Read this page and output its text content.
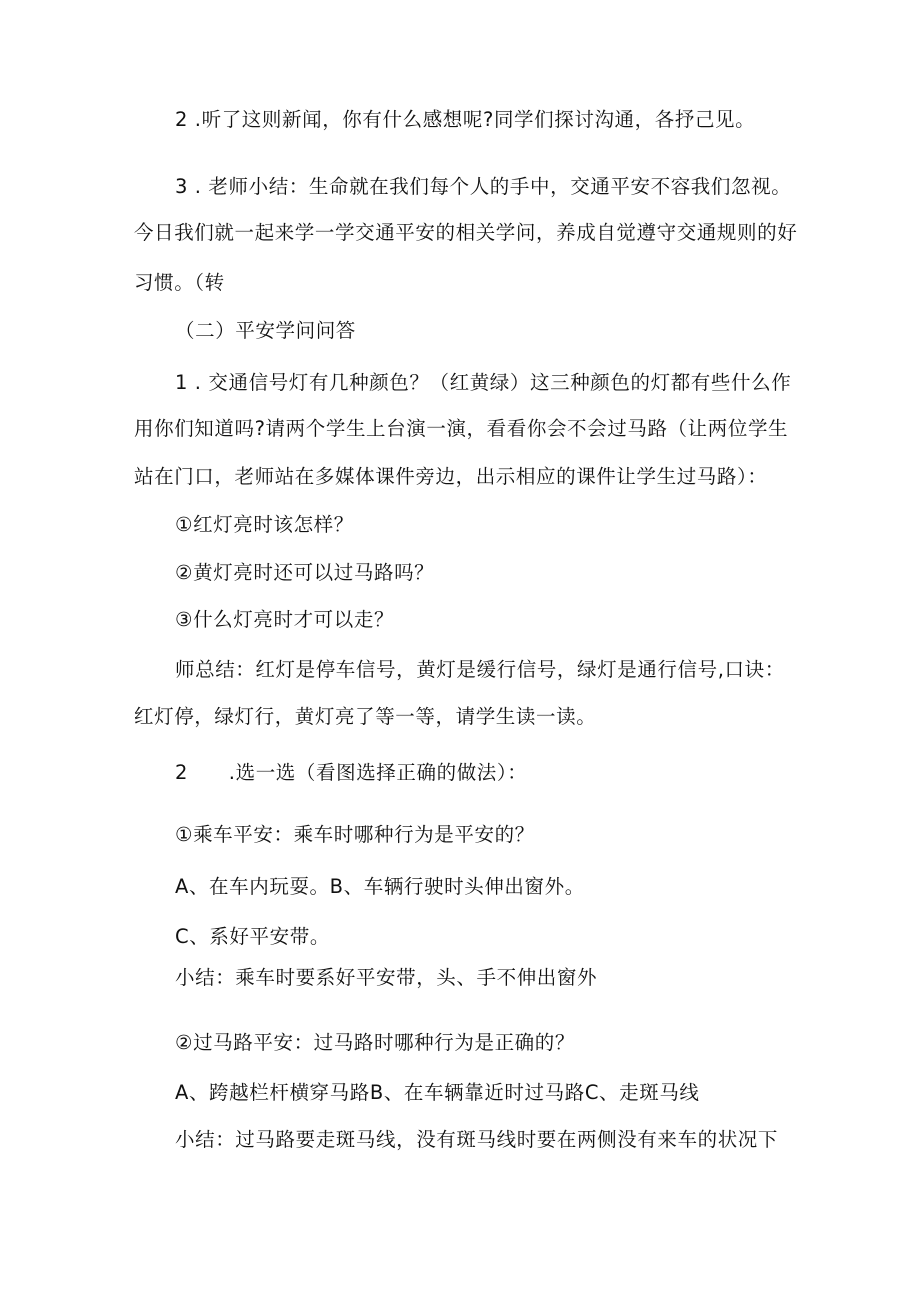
2 .听了这则新闻，你有什么感想呢?同学们探讨沟通，各抒己见。
3 . 老师小结：生命就在我们每个人的手中，交通平安不容我们忽视。
今日我们就一起来学一学交通平安的相关学问，养成自觉遵守交通规则的好
习惯。（转
（二）平安学问问答
1 . 交通信号灯有几种颜色？（红黄绿）这三种颜色的灯都有些什么作
用你们知道吗?请两个学生上台演一演，看看你会不会过马路（让两位学生
站在门口，老师站在多媒体课件旁边，出示相应的课件让学生过马路）：
①红灯亮时该怎样？
②黄灯亮时还可以过马路吗？
③什么灯亮时才可以走？
师总结：红灯是停车信号，黄灯是缓行信号，绿灯是通行信号,口诀：
红灯停，绿灯行，黄灯亮了等一等，请学生读一读。
2      .选一选（看图选择正确的做法）：
①乘车平安：乘车时哪种行为是平安的？
A、在车内玩耍。B、车辆行驶时头伸出窗外。
C、系好平安带。
小结：乘车时要系好平安带，头、手不伸出窗外
②过马路平安：过马路时哪种行为是正确的？
A、跨越栏杆横穿马路B、在车辆靠近时过马路C、走斑马线
小结：过马路要走斑马线，没有斑马线时要在两侧没有来车的状况下
